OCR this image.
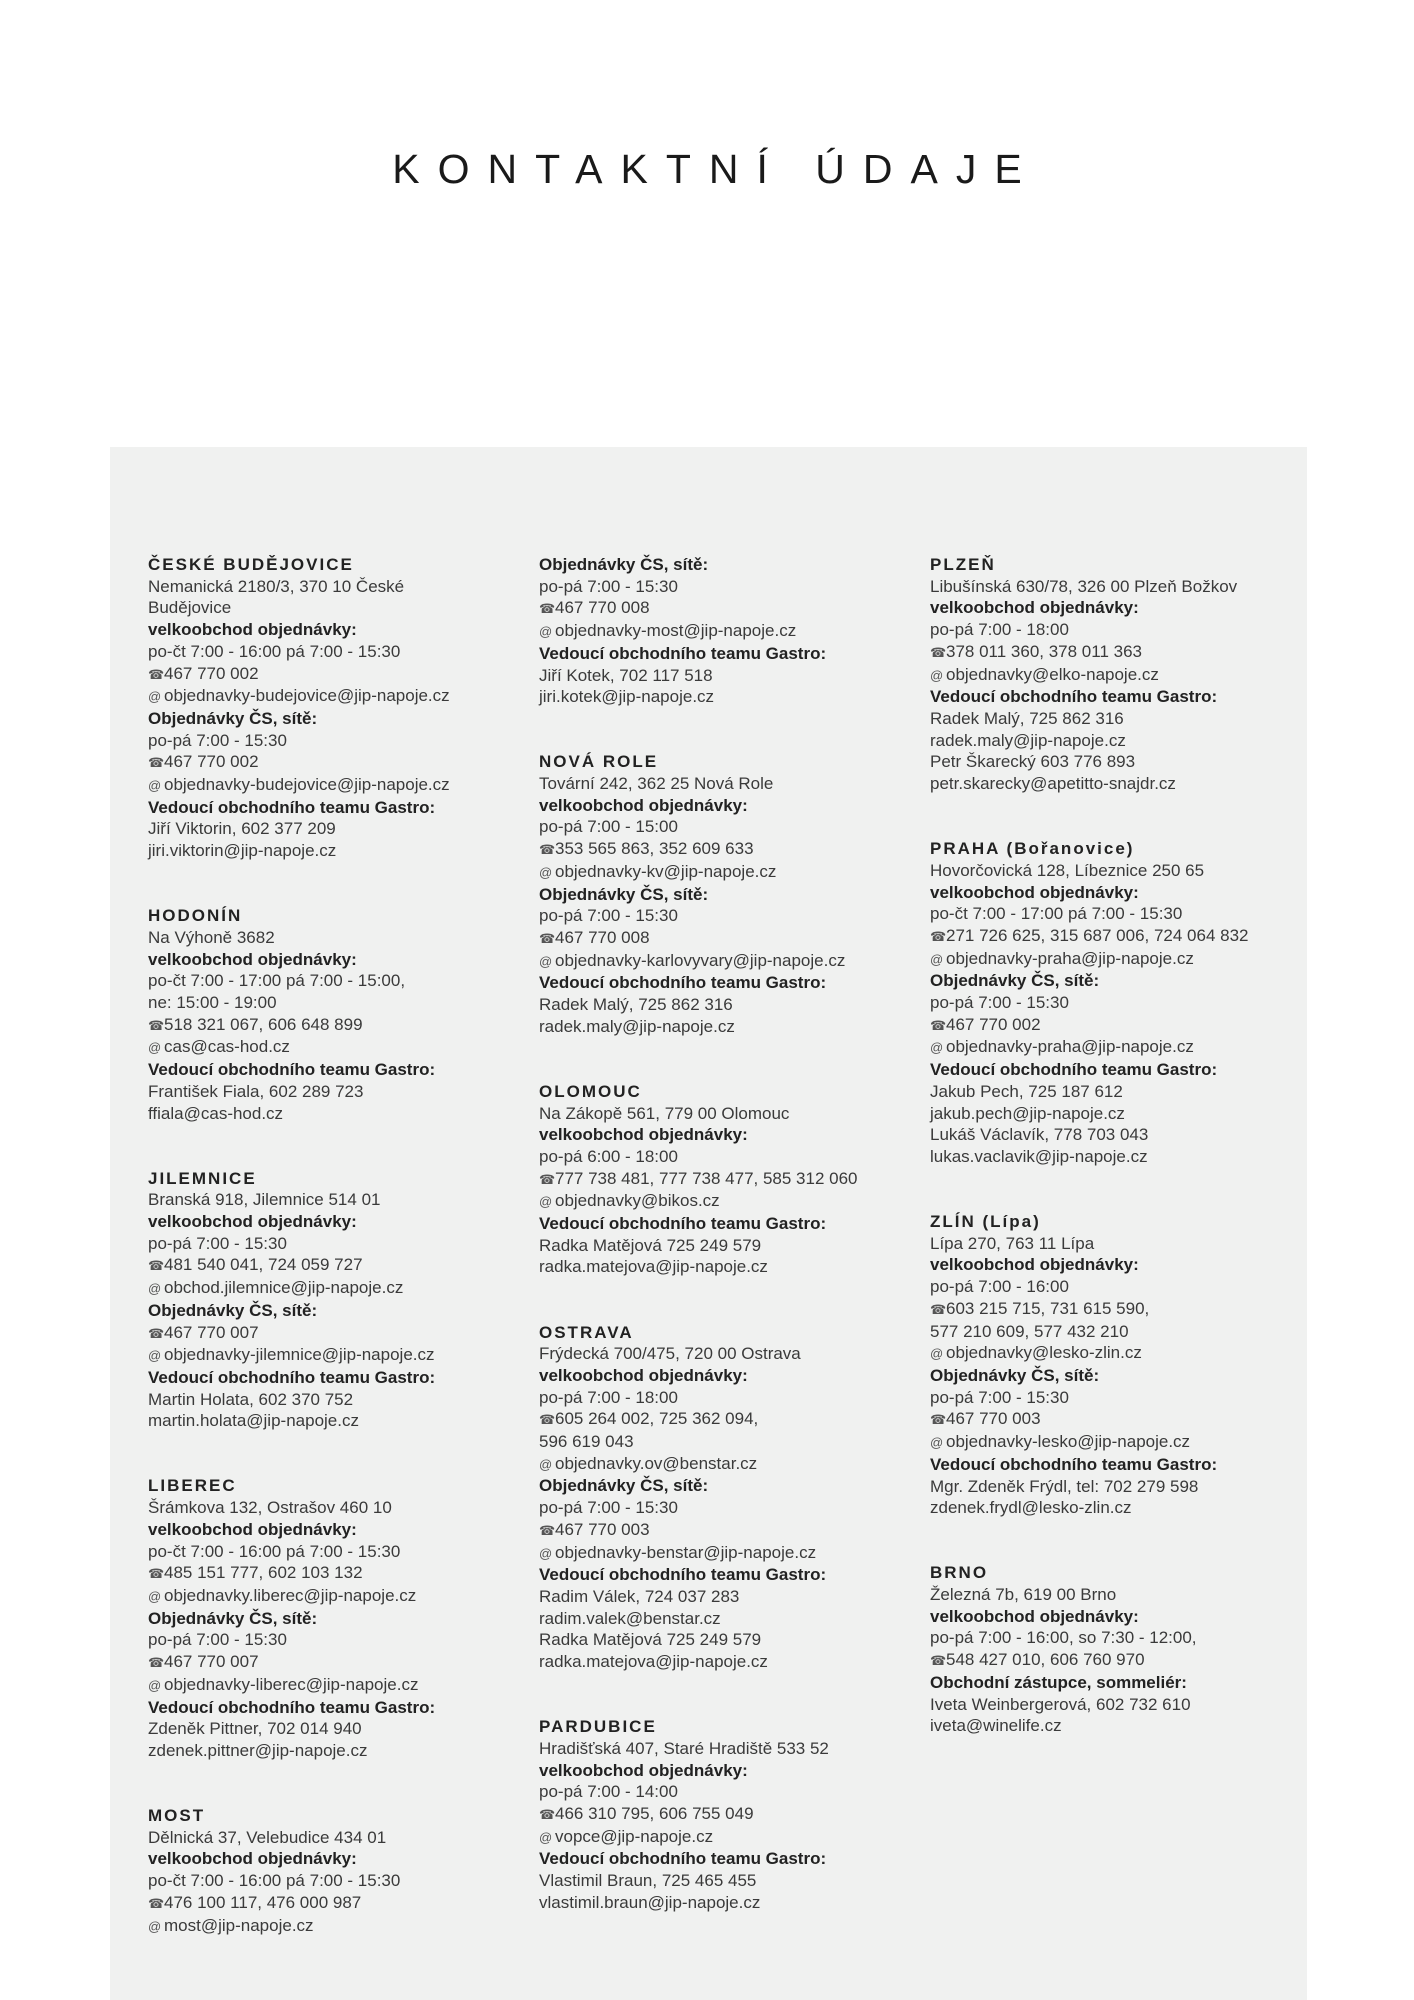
KONTAKTNÍ ÚDAJE
ČESKÉ BUDĚJOVICE
Nemanická 2180/3, 370 10 České
Budějovice
velkoobchod objednávky:
po-čt 7:00 - 16:00 pá 7:00 - 15:30
☎467 770 002
@ objednavky-budejovice@jip-napoje.cz
Objednávky ČS, sítě:
po-pá 7:00 - 15:30
☎467 770 002
@ objednavky-budejovice@jip-napoje.cz
Vedoucí obchodního teamu Gastro:
Jiří Viktorin, 602 377 209
jiri.viktorin@jip-napoje.cz
HODONÍN
Na Výhoně 3682
velkoobchod objednávky:
po-čt 7:00 - 17:00 pá 7:00 - 15:00,
ne: 15:00 - 19:00
☎518 321 067, 606 648 899
@ cas@cas-hod.cz
Vedoucí obchodního teamu Gastro:
František Fiala, 602 289 723
ffiala@cas-hod.cz
JILEMNICE
Branská 918, Jilemnice 514 01
velkoobchod objednávky:
po-pá 7:00 - 15:30
☎481 540 041, 724 059 727
@ obchod.jilemnice@jip-napoje.cz
Objednávky ČS, sítě:
☎467 770 007
@ objednavky-jilemnice@jip-napoje.cz
Vedoucí obchodního teamu Gastro:
Martin Holata, 602 370 752
martin.holata@jip-napoje.cz
LIBEREC
Šrámkova 132, Ostrašov 460 10
velkoobchod objednávky:
po-čt 7:00 - 16:00 pá 7:00 - 15:30
☎485 151 777, 602 103 132
@ objednavky.liberec@jip-napoje.cz
Objednávky ČS, sítě:
po-pá 7:00 - 15:30
☎467 770 007
@ objednavky-liberec@jip-napoje.cz
Vedoucí obchodního teamu Gastro:
Zdeněk Pittner, 702 014 940
zdenek.pittner@jip-napoje.cz
MOST
Dělnická 37, Velebudice 434 01
velkoobchod objednávky:
po-čt 7:00 - 16:00 pá 7:00 - 15:30
☎476 100 117, 476 000 987
@ most@jip-napoje.cz
Objednávky ČS, sítě:
po-pá 7:00 - 15:30
☎467 770 008
@ objednavky-most@jip-napoje.cz
Vedoucí obchodního teamu Gastro:
Jiří Kotek, 702 117 518
jiri.kotek@jip-napoje.cz
NOVÁ ROLE
Tovární 242, 362 25 Nová Role
velkoobchod objednávky:
po-pá 7:00 - 15:00
☎353 565 863, 352 609 633
@ objednavky-kv@jip-napoje.cz
Objednávky ČS, sítě:
po-pá 7:00 - 15:30
☎467 770 008
@ objednavky-karlovyvary@jip-napoje.cz
Vedoucí obchodního teamu Gastro:
Radek Malý, 725 862 316
radek.maly@jip-napoje.cz
OLOMOUC
Na Zákopě 561, 779 00 Olomouc
velkoobchod objednávky:
po-pá 6:00 - 18:00
☎777 738 481, 777 738 477, 585 312 060
@ objednavky@bikos.cz
Vedoucí obchodního teamu Gastro:
Radka Matějová 725 249 579
radka.matejova@jip-napoje.cz
OSTRAVA
Frýdecká 700/475, 720 00 Ostrava
velkoobchod objednávky:
po-pá 7:00 - 18:00
☎605 264 002, 725 362 094,
596 619 043
@ objednavky.ov@benstar.cz
Objednávky ČS, sítě:
po-pá 7:00 - 15:30
☎467 770 003
@ objednavky-benstar@jip-napoje.cz
Vedoucí obchodního teamu Gastro:
Radim Válek, 724 037 283
radim.valek@benstar.cz
Radka Matějová 725 249 579
radka.matejova@jip-napoje.cz
PARDUBICE
Hradišťská 407, Staré Hradiště 533 52
velkoobchod objednávky:
po-pá 7:00 - 14:00
☎466 310 795, 606 755 049
@ vopce@jip-napoje.cz
Vedoucí obchodního teamu Gastro:
Vlastimil Braun, 725 465 455
vlastimil.braun@jip-napoje.cz
PLZEŇ
Libušínská 630/78, 326 00 Plzeň Božkov
velkoobchod objednávky:
po-pá 7:00 - 18:00
☎378 011 360, 378 011 363
@ objednavky@elko-napoje.cz
Vedoucí obchodního teamu Gastro:
Radek Malý, 725 862 316
radek.maly@jip-napoje.cz
Petr Škarecký 603 776 893
petr.skarecky@apetitto-snajdr.cz
PRAHA (Bořanovice)
Hovorčovická 128, Líbeznice 250 65
velkoobchod objednávky:
po-čt 7:00 - 17:00 pá 7:00 - 15:30
☎271 726 625, 315 687 006, 724 064 832
@ objednavky-praha@jip-napoje.cz
Objednávky ČS, sítě:
po-pá 7:00 - 15:30
☎467 770 002
@ objednavky-praha@jip-napoje.cz
Vedoucí obchodního teamu Gastro:
Jakub Pech, 725 187 612
jakub.pech@jip-napoje.cz
Lukáš Václavík, 778 703 043
lukas.vaclavik@jip-napoje.cz
ZLÍN (Lípa)
Lípa 270, 763 11 Lípa
velkoobchod objednávky:
po-pá 7:00 - 16:00
☎603 215 715, 731 615 590,
577 210 609, 577 432 210
@ objednavky@lesko-zlin.cz
Objednávky ČS, sítě:
po-pá 7:00 - 15:30
☎467 770 003
@ objednavky-lesko@jip-napoje.cz
Vedoucí obchodního teamu Gastro:
Mgr. Zdeněk Frýdl, tel: 702 279 598
zdenek.frydl@lesko-zlin.cz
BRNO
Železná 7b, 619 00 Brno
velkoobchod objednávky:
po-pá 7:00 - 16:00, so 7:30 - 12:00,
☎548 427 010, 606 760 970
Obchodní zástupce, sommeliér:
Iveta Weinbergerová, 602 732 610
iveta@winelife.cz
